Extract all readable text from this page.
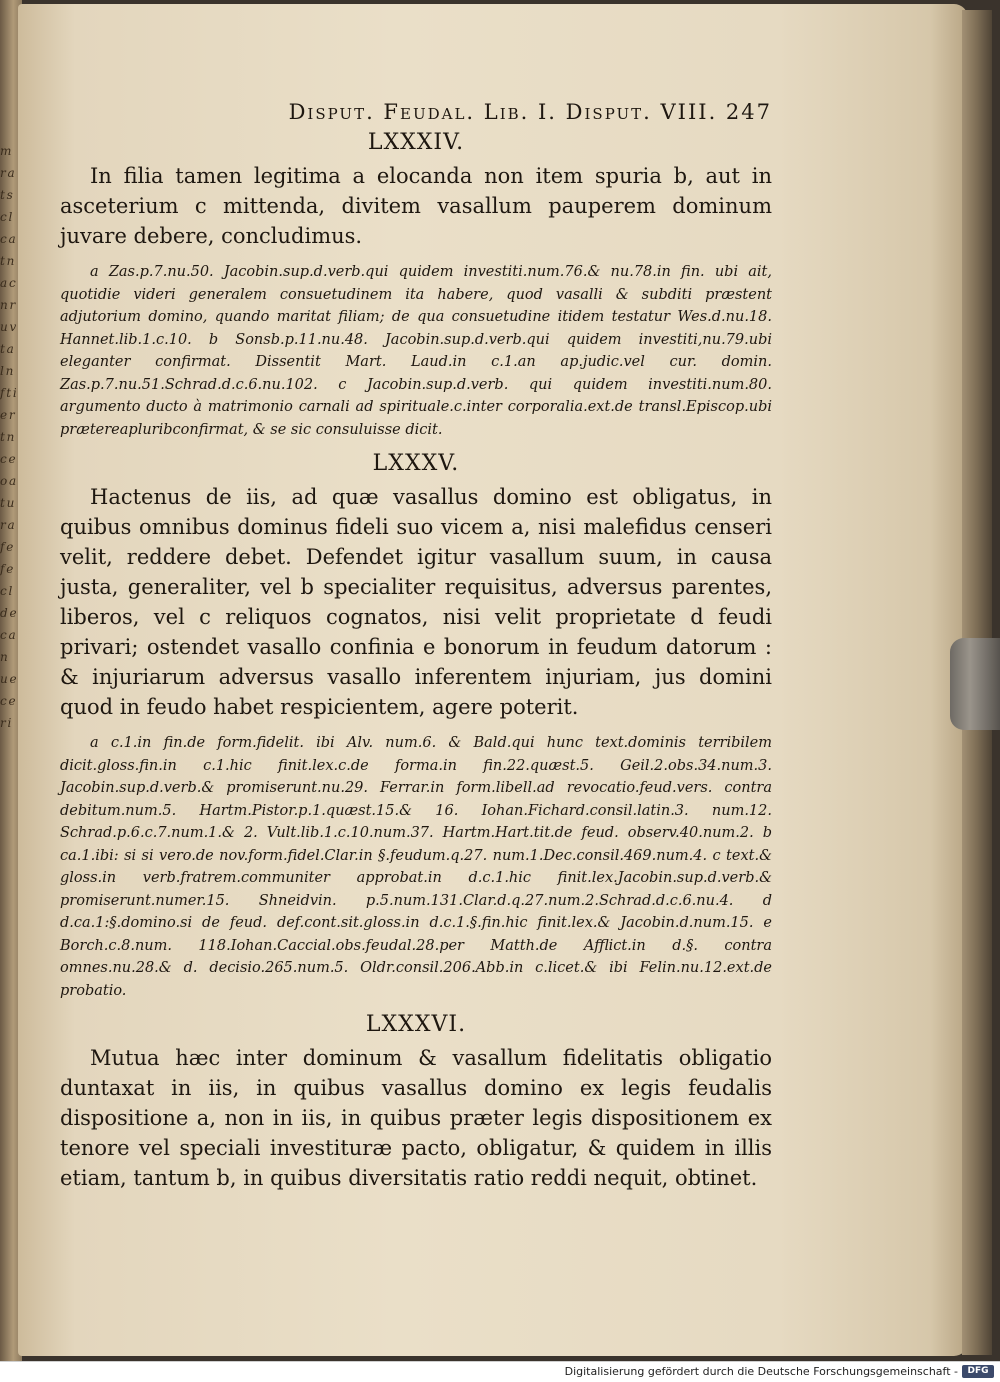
m r a t s c l c a t n a c n r u v t a l n f t i e r t n c e o a t u r a f e f e c l d e c a n u e c e r i
Disput. Feudal. Lib. I. Disput. VIII. 247
LXXXIV.

In filia tamen legitima a elocanda non item spuria b, aut in asceterium c mittenda, divitem vasallum pauperem dominum juvare debere, concludimus.

a Zas.p.7.nu.50. Jacobin.sup.d.verb.qui quidem investiti.num.76.& nu.78.in fin. ubi ait, quotidie videri generalem consuetudinem ita habere, quod vasalli & subditi præstent adjutorium domino, quando maritat filiam; de qua consuetudine itidem testatur Wes.d.nu.18. Hannet.lib.1.c.10. b Sonsb.p.11.nu.48. Jacobin.sup.d.verb.qui quidem investiti,nu.79.ubi eleganter confirmat. Dissentit Mart. Laud.in c.1.an ap.judic.vel cur. domin. Zas.p.7.nu.51.Schrad.d.c.6.nu.102. c Jacobin.sup.d.verb. qui quidem investiti.num.80. argumento ducto à matrimonio carnali ad spirituale.c.inter corporalia.ext.de transl.Episcop.ubi prætereapluribconfirmat, & se sic consuluisse dicit.

LXXXV.

Hactenus de iis, ad quæ vasallus domino est obligatus, in quibus omnibus dominus fideli suo vicem a, nisi malefidus censeri velit, reddere debet. Defendet igitur vasallum suum, in causa justa, generaliter, vel b specialiter requisitus, adversus parentes, liberos, vel c reliquos cognatos, nisi velit proprietate d feudi privari; ostendet vasallo confinia e bonorum in feudum datorum : & injuriarum adversus vasallo inferentem injuriam, jus domini quod in feudo habet respicientem, agere poterit.

a c.1.in fin.de form.fidelit. ibi Alv. num.6. & Bald.qui hunc text.dominis terribilem dicit.gloss.fin.in c.1.hic finit.lex.c.de forma.in fin.22.quæst.5. Geil.2.obs.34.num.3. Jacobin.sup.d.verb.& promiserunt.nu.29. Ferrar.in form.libell.ad revocatio.feud.vers. contra debitum.num.5. Hartm.Pistor.p.1.quæst.15.& 16. Iohan.Fichard.consil.latin.3. num.12. Schrad.p.6.c.7.num.1.& 2. Vult.lib.1.c.10.num.37. Hartm.Hart.tit.de feud. observ.40.num.2. b ca.1.ibi: si si vero.de nov.form.fidel.Clar.in §.feudum.q.27. num.1.Dec.consil.469.num.4. c text.& gloss.in verb.fratrem.communiter approbat.in d.c.1.hic finit.lex.Jacobin.sup.d.verb.& promiserunt.numer.15. Shneidvin. p.5.num.131.Clar.d.q.27.num.2.Schrad.d.c.6.nu.4. d d.ca.1:§.domino.si de feud. def.cont.sit.gloss.in d.c.1.§.fin.hic finit.lex.& Jacobin.d.num.15. e Borch.c.8.num. 118.Iohan.Caccial.obs.feudal.28.per Matth.de Afflict.in d.§. contra omnes.nu.28.& d. decisio.265.num.5. Oldr.consil.206.Abb.in c.licet.& ibi Felin.nu.12.ext.de probatio.

LXXXVI.

Mutua hæc inter dominum & vasallum fidelitatis obligatio duntaxat in iis, in quibus vasallus domino ex legis feudalis dispositione a, non in iis, in quibus præter legis dispositionem ex tenore vel speciali investituræ pacto, obligatur, & quidem in illis etiam, tantum b, in quibus diversitatis ratio reddi nequit, obtinet.

Digitalisierung gefördert durch die Deutsche Forschungsgemeinschaft -	DFG
